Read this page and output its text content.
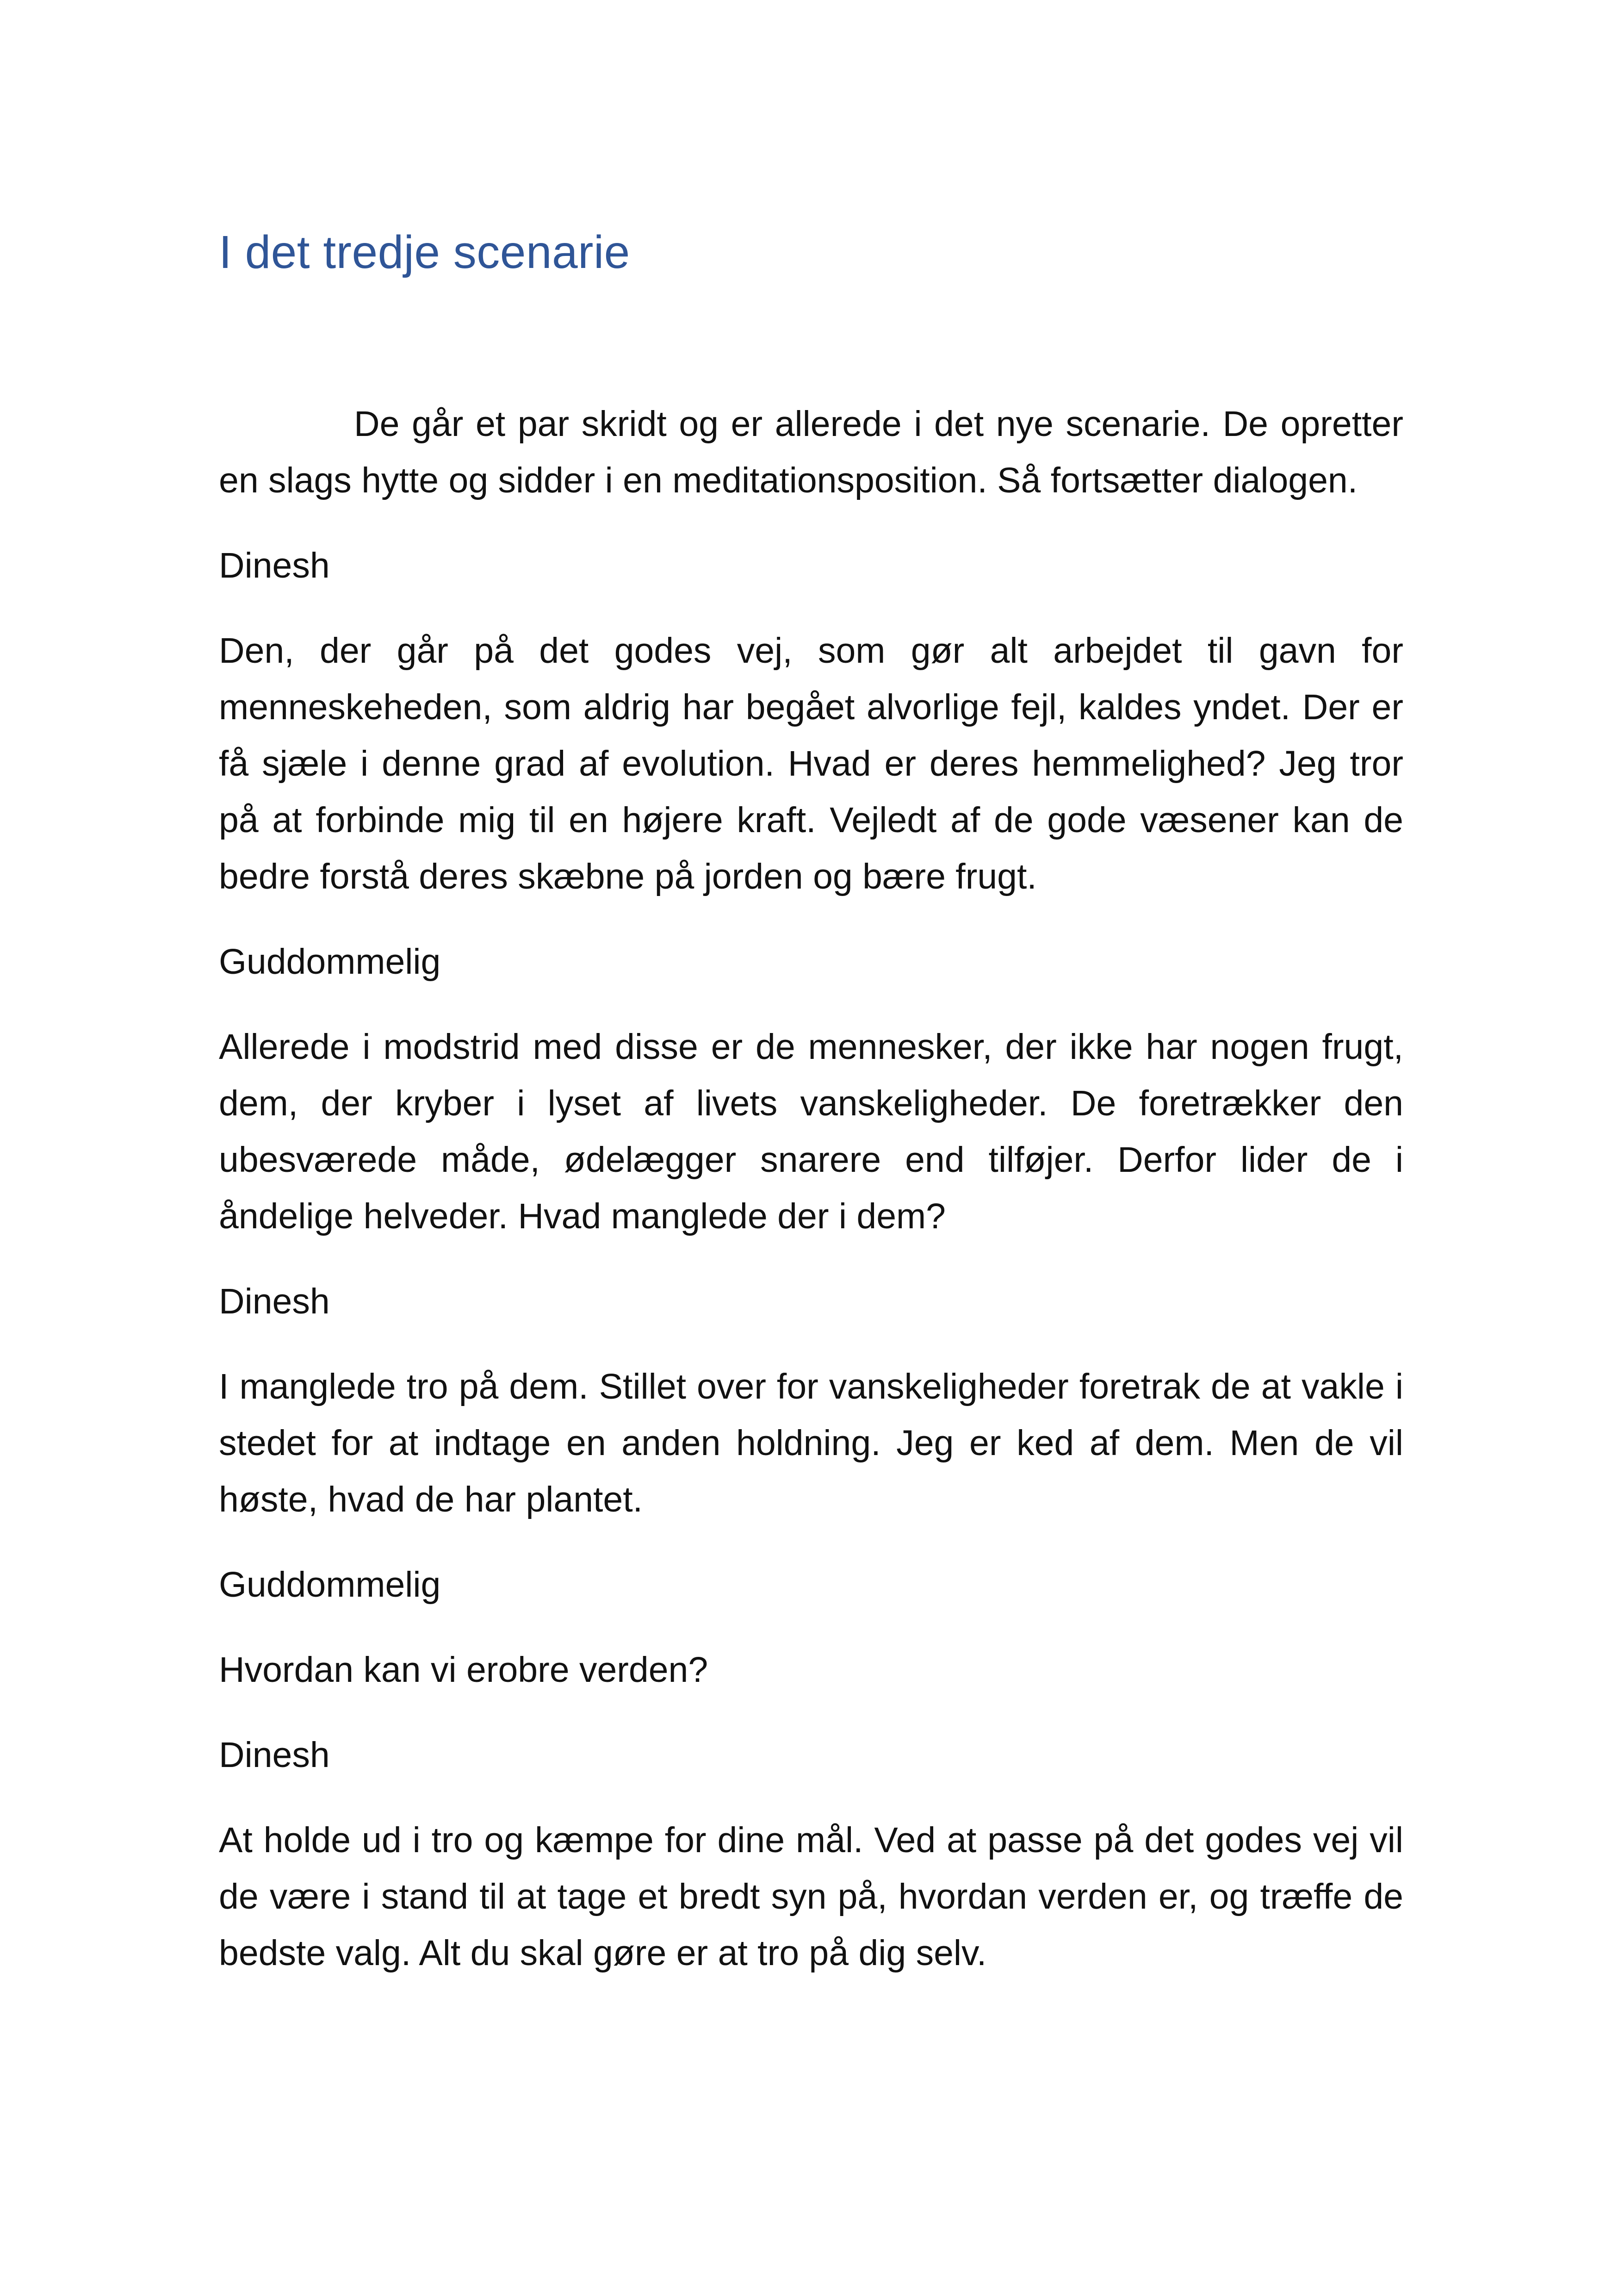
I det tredje scenarie

De går et par skridt og er allerede i det nye scenarie. De opretter en slags hytte og sidder i en meditationsposition. Så fortsætter dialogen.

Dinesh

Den, der går på det godes vej, som gør alt arbejdet til gavn for menneskeheden, som aldrig har begået alvorlige fejl, kaldes yndet. Der er få sjæle i denne grad af evolution. Hvad er deres hemmelighed? Jeg tror på at forbinde mig til en højere kraft. Vejledt af de gode væsener kan de bedre forstå deres skæbne på jorden og bære frugt.

Guddommelig

Allerede i modstrid med disse er de mennesker, der ikke har nogen frugt, dem, der kryber i lyset af livets vanskeligheder. De foretrækker den ubesværede måde, ødelægger snarere end tilføjer. Derfor lider de i åndelige helveder. Hvad manglede der i dem?

Dinesh

I manglede tro på dem. Stillet over for vanskeligheder foretrak de at vakle i stedet for at indtage en anden holdning. Jeg er ked af dem. Men de vil høste, hvad de har plantet.

Guddommelig

Hvordan kan vi erobre verden?

Dinesh

At holde ud i tro og kæmpe for dine mål. Ved at passe på det godes vej vil de være i stand til at tage et bredt syn på, hvordan verden er, og træffe de bedste valg. Alt du skal gøre er at tro på dig selv.
